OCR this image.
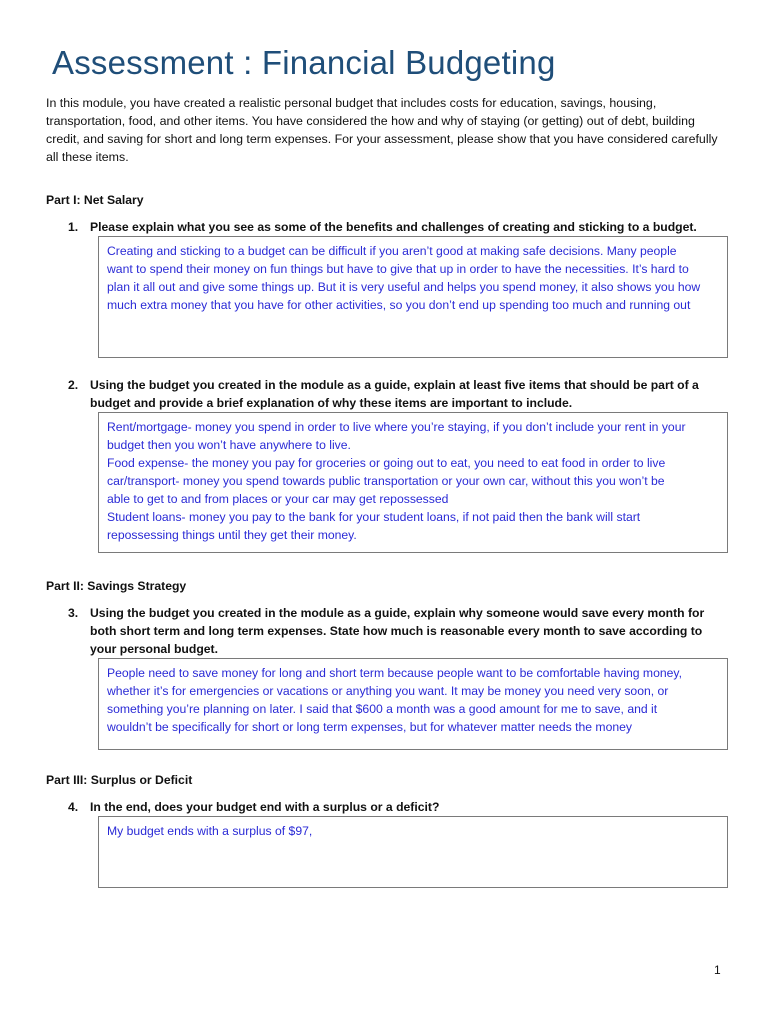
Assessment : Financial Budgeting
In this module, you have created a realistic personal budget that includes costs for education, savings, housing, transportation, food, and other items. You have considered the how and why of staying (or getting) out of debt, building credit, and saving for short and long term expenses. For your assessment, please show that you have considered carefully all these items.
Part I: Net Salary
1. Please explain what you see as some of the benefits and challenges of creating and sticking to a budget.
Creating and sticking to a budget can be difficult if you aren’t good at making safe decisions. Many people
want to spend their money on fun things but have to give that up in order to have the necessities. It’s hard to
plan it all out and give some things up. But it is very useful and helps you spend money, it also shows you how
much extra money that you have for other activities, so you don’t end up spending too much and running out
2. Using the budget you created in the module as a guide, explain at least five items that should be part of a budget and provide a brief explanation of why these items are important to include.
Rent/mortgage- money you spend in order to live where you’re staying, if you don’t include your rent in your
budget then you won’t have anywhere to live.
Food expense- the money you pay for groceries or going out to eat, you need to eat food in order to live
car/transport- money you spend towards public transportation or your own car, without this you won’t be
able to get to and from places or your car may get repossessed
Student loans- money you pay to the bank for your student loans, if not paid then the bank will start
repossessing things until they get their money.
Part II: Savings Strategy
3. Using the budget you created in the module as a guide, explain why someone would save every month for both short term and long term expenses. State how much is reasonable every month to save according to your personal budget.
People need to save money for long and short term because people want to be comfortable having money,
whether it’s for emergencies or vacations or anything you want. It may be money you need very soon, or
something you’re planning on later. I said that $600 a month was a good amount for me to save, and it
wouldn’t be specifically for short or long term expenses, but for whatever matter needs the money
Part III: Surplus or Deficit
4. In the end, does your budget end with a surplus or a deficit?
My budget ends with a surplus of $97,
1
